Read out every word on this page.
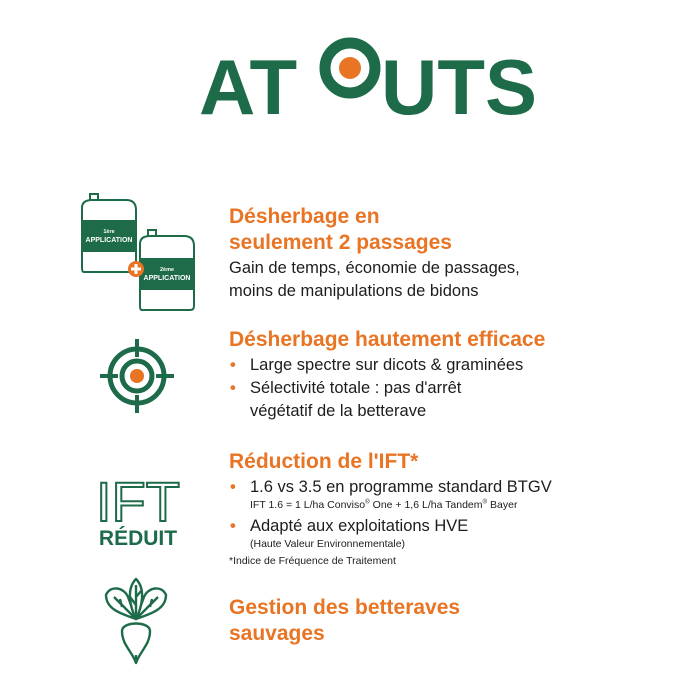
AT UTS
1ère
APPLICATION
2ème
APPLICATION

Désherbage en
seulement 2 passages

Gain de temps, économie de passages,
moins de manipulations de bidons

Désherbage hautement efficace

• Large spectre sur dicots & graminées
• Sélectivité totale : pas d'arrêt
végétatif de la betterave
IFT
RÉDUIT

Réduction de l'IFT*

• 1.6 vs 3.5 en programme standard BTGV
IFT 1.6 = 1 L/ha Conviso® One + 1,6 L/ha Tandem® Bayer
• Adapté aux exploitations HVE
(Haute Valeur Environnementale)
*Indice de Fréquence de Traitement

Gestion des betteraves
sauvages
